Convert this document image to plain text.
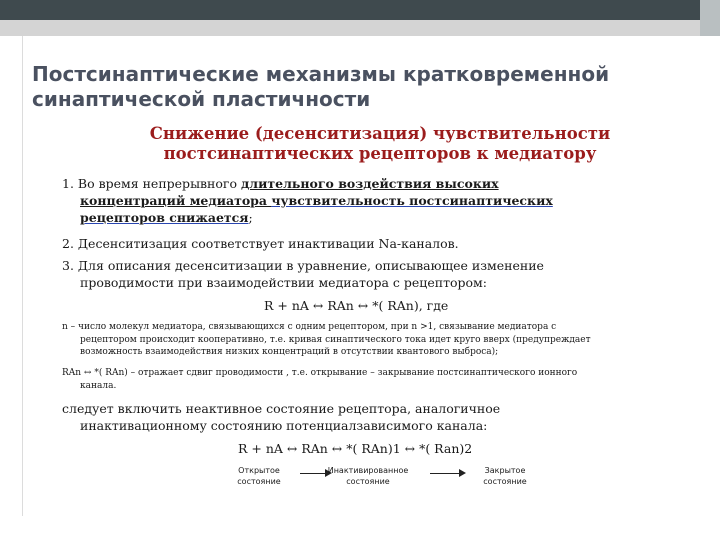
Постсинаптические механизмы кратковременной синаптической пластичности
Снижение (десенситизация) чувствительности
постсинаптических рецепторов к медиатору
1. Во время непрерывного длительного воздействия высоких
концентраций медиатора чувствительность постсинаптических
рецепторов снижается;

2. Десенситизация соответствует инактивации Na-каналов.

3. Для описания десенситизации в уравнение, описывающее изменение
проводимости при взаимодействии медиатора с рецептором:

R + nA ↔ RAn ↔ *( RAn), где

n – число молекул медиатора, связывающихся с одним рецептором, при n >1, связывание медиатора с
рецептором происходит кооперативно, т.е. кривая синаптического тока идет круго вверх (предупреждает
возможность взаимодействия низких концентраций в отсутствии квантового выброса);
RAn ↔ *( RAn) – отражает сдвиг проводимости , т.е. открывание – закрывание постсинаптического ионного
канала.
следует включить неактивное состояние рецептора, аналогичное
инактивационному состоянию потенциалзависимого канала:

R + nA ↔ RAn ↔ *( RAn)1 ↔ *( Ran)2

Открытое
состояние
Инактивированное
состояние
Закрытое
состояние
